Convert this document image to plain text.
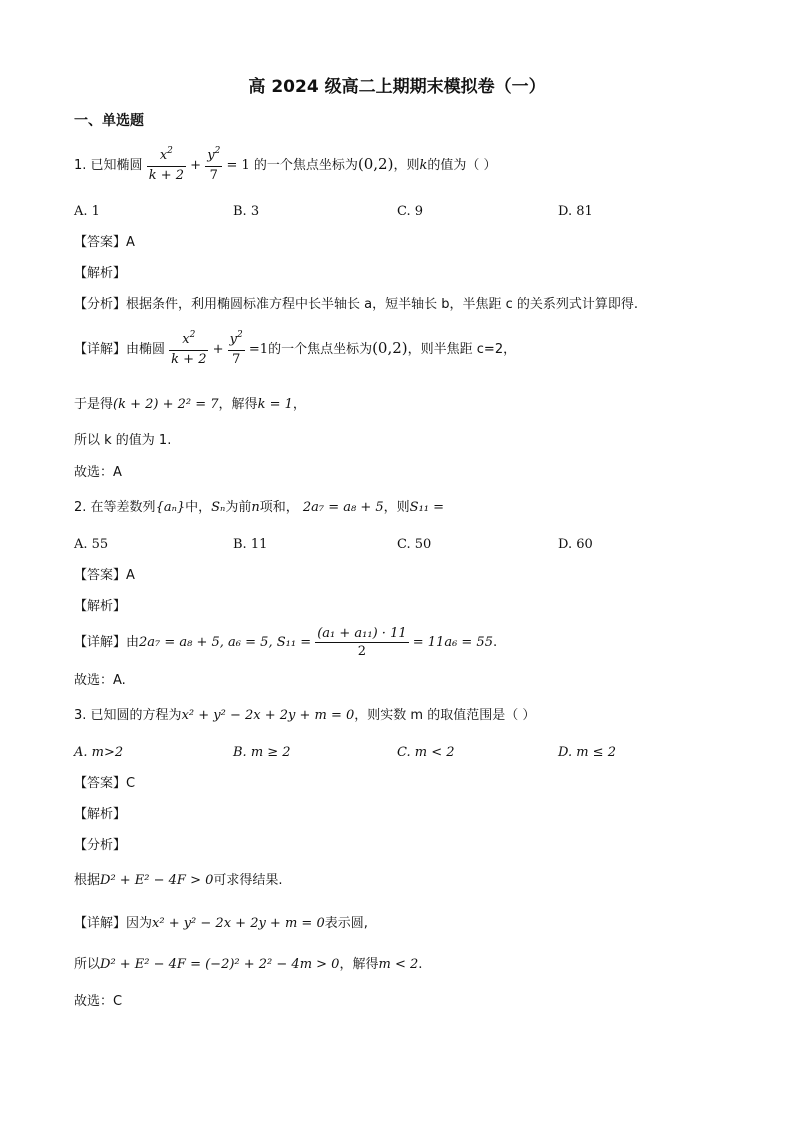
高 2024 级高二上期期末模拟卷（一）
一、单选题
1. 已知椭圆 $\frac{x^2}{k + 2} + \frac{y^2}{7} = 1$ 的一个焦点坐标为(0,2)，则k的值为（ ）
A. 1	B. 3	C. 9	D. 81
【答案】A
【解析】
【分析】根据条件，利用椭圆标准方程中长半轴长 a，短半轴长 b，半焦距 c 的关系列式计算即得.
【详解】由椭圆 $\frac{x^2}{k + 2} + \frac{y^2}{7} =1$的一个焦点坐标为(0,2)，则半焦距 c=2，
于是得(k + 2) + 2² = 7，解得k = 1，
所以 k 的值为 1.
故选：A
2. 在等差数列{aₙ}中，Sₙ为前n项和， 2a₇ = a₈ + 5，则S₁₁ =
A. 55	B. 11	C. 50	D. 60
【答案】A
【解析】
【详解】由2a₇ = a₈ + 5, a₆ = 5, $S_{11} = \frac{\text{(a₁ + a₁₁) · 11}}{2} = 11a_6 = 55$.
故选：A.
3. 已知圆的方程为x² + y² − 2x + 2y + m = 0，则实数 m 的取值范围是（ ）
A. m>2	B. m ≥ 2	C. m < 2	D. m ≤ 2
【答案】C
【解析】
【分析】
根据D² + E² − 4F > 0可求得结果.
【详解】因为x² + y² − 2x + 2y + m = 0表示圆,
所以D² + E² − 4F = (−2)² + 2² − 4m > 0，解得m < 2.
故选：C
